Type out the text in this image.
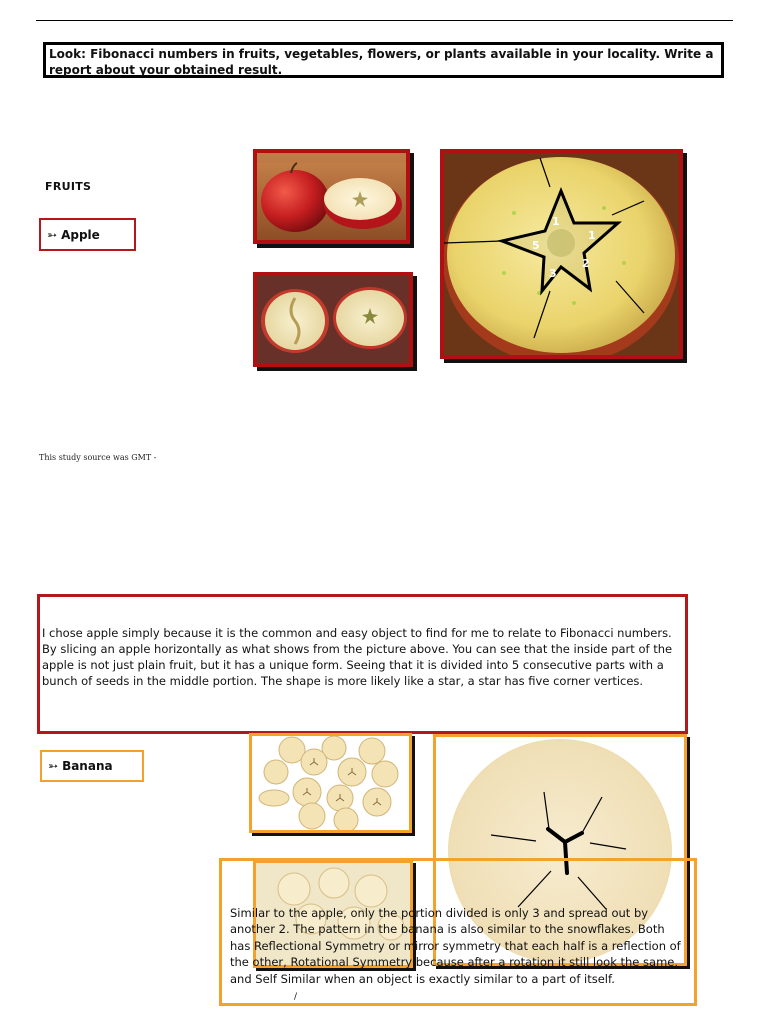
Look: Fibonacci numbers in fruits, vegetables, flowers, or plants available in your locality. Write a report about your obtained result.
FRUITS
➳ Apple
1
1
2
3
5
This study source was GMT -
I chose apple simply because it is the common and easy object to find for me to relate to Fibonacci numbers. By slicing an apple horizontally as what shows from the picture above. You can see that the inside part of the apple is not just plain fruit, but it has a unique form. Seeing that it is divided into 5 consecutive parts with a bunch of seeds in the middle portion. The shape is more likely like a star, a star has five corner vertices.
➳ Banana
Similar to the apple, only the portion divided is only 3 and spread out by another 2. The pattern in the banana is also similar to the snowflakes. Both has Reflectional Symmetry or mirror symmetry that each half is a reflection of the other, Rotational Symmetry because after a rotation it still look the same, and Self Similar when an object is exactly similar to a part of itself.
/
